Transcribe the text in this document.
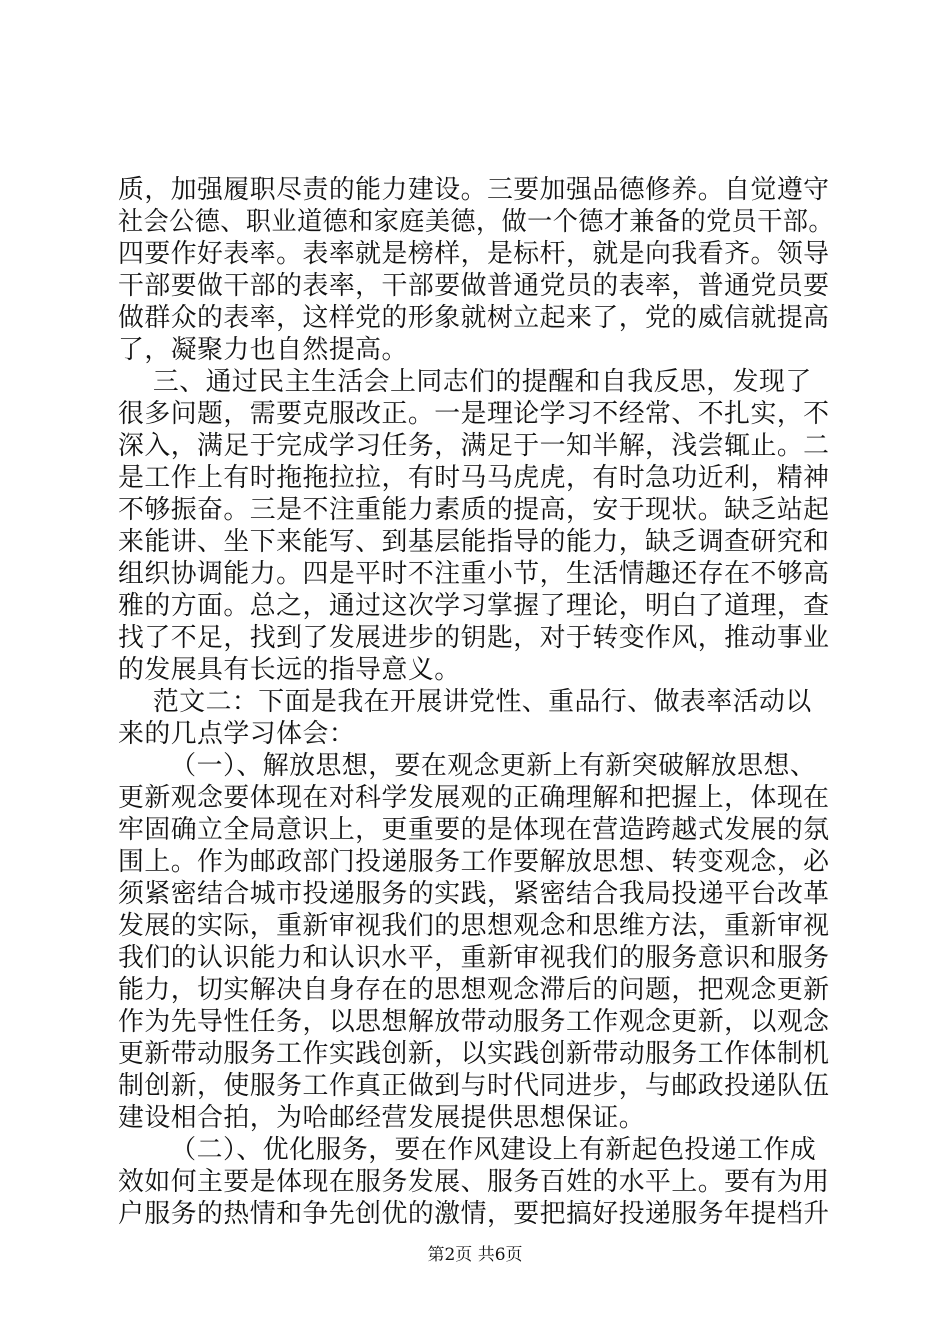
质，加强履职尽责的能力建设。三要加强品德修养。自觉遵守
社会公德、职业道德和家庭美德，做一个德才兼备的党员干部。
四要作好表率。表率就是榜样，是标杆，就是向我看齐。领导
干部要做干部的表率，干部要做普通党员的表率，普通党员要
做群众的表率，这样党的形象就树立起来了，党的威信就提高
了，凝聚力也自然提高。
三、通过民主生活会上同志们的提醒和自我反思，发现了
很多问题，需要克服改正。一是理论学习不经常、不扎实，不
深入，满足于完成学习任务，满足于一知半解，浅尝辄止。二
是工作上有时拖拖拉拉，有时马马虎虎，有时急功近利，精神
不够振奋。三是不注重能力素质的提高，安于现状。缺乏站起
来能讲、坐下来能写、到基层能指导的能力，缺乏调查研究和
组织协调能力。四是平时不注重小节，生活情趣还存在不够高
雅的方面。总之，通过这次学习掌握了理论，明白了道理，查
找了不足，找到了发展进步的钥匙，对于转变作风，推动事业
的发展具有长远的指导意义。
范文二：下面是我在开展讲党性、重品行、做表率活动以
来的几点学习体会：
（一）、解放思想，要在观念更新上有新突破解放思想、
更新观念要体现在对科学发展观的正确理解和把握上，体现在
牢固确立全局意识上，更重要的是体现在营造跨越式发展的氛
围上。作为邮政部门投递服务工作要解放思想、转变观念，必
须紧密结合城市投递服务的实践，紧密结合我局投递平台改革
发展的实际，重新审视我们的思想观念和思维方法，重新审视
我们的认识能力和认识水平，重新审视我们的服务意识和服务
能力，切实解决自身存在的思想观念滞后的问题，把观念更新
作为先导性任务，以思想解放带动服务工作观念更新，以观念
更新带动服务工作实践创新，以实践创新带动服务工作体制机
制创新，使服务工作真正做到与时代同进步，与邮政投递队伍
建设相合拍，为哈邮经营发展提供思想保证。
（二）、优化服务，要在作风建设上有新起色投递工作成
效如何主要是体现在服务发展、服务百姓的水平上。要有为用
户服务的热情和争先创优的激情，要把搞好投递服务年提档升
第2页 共6页
